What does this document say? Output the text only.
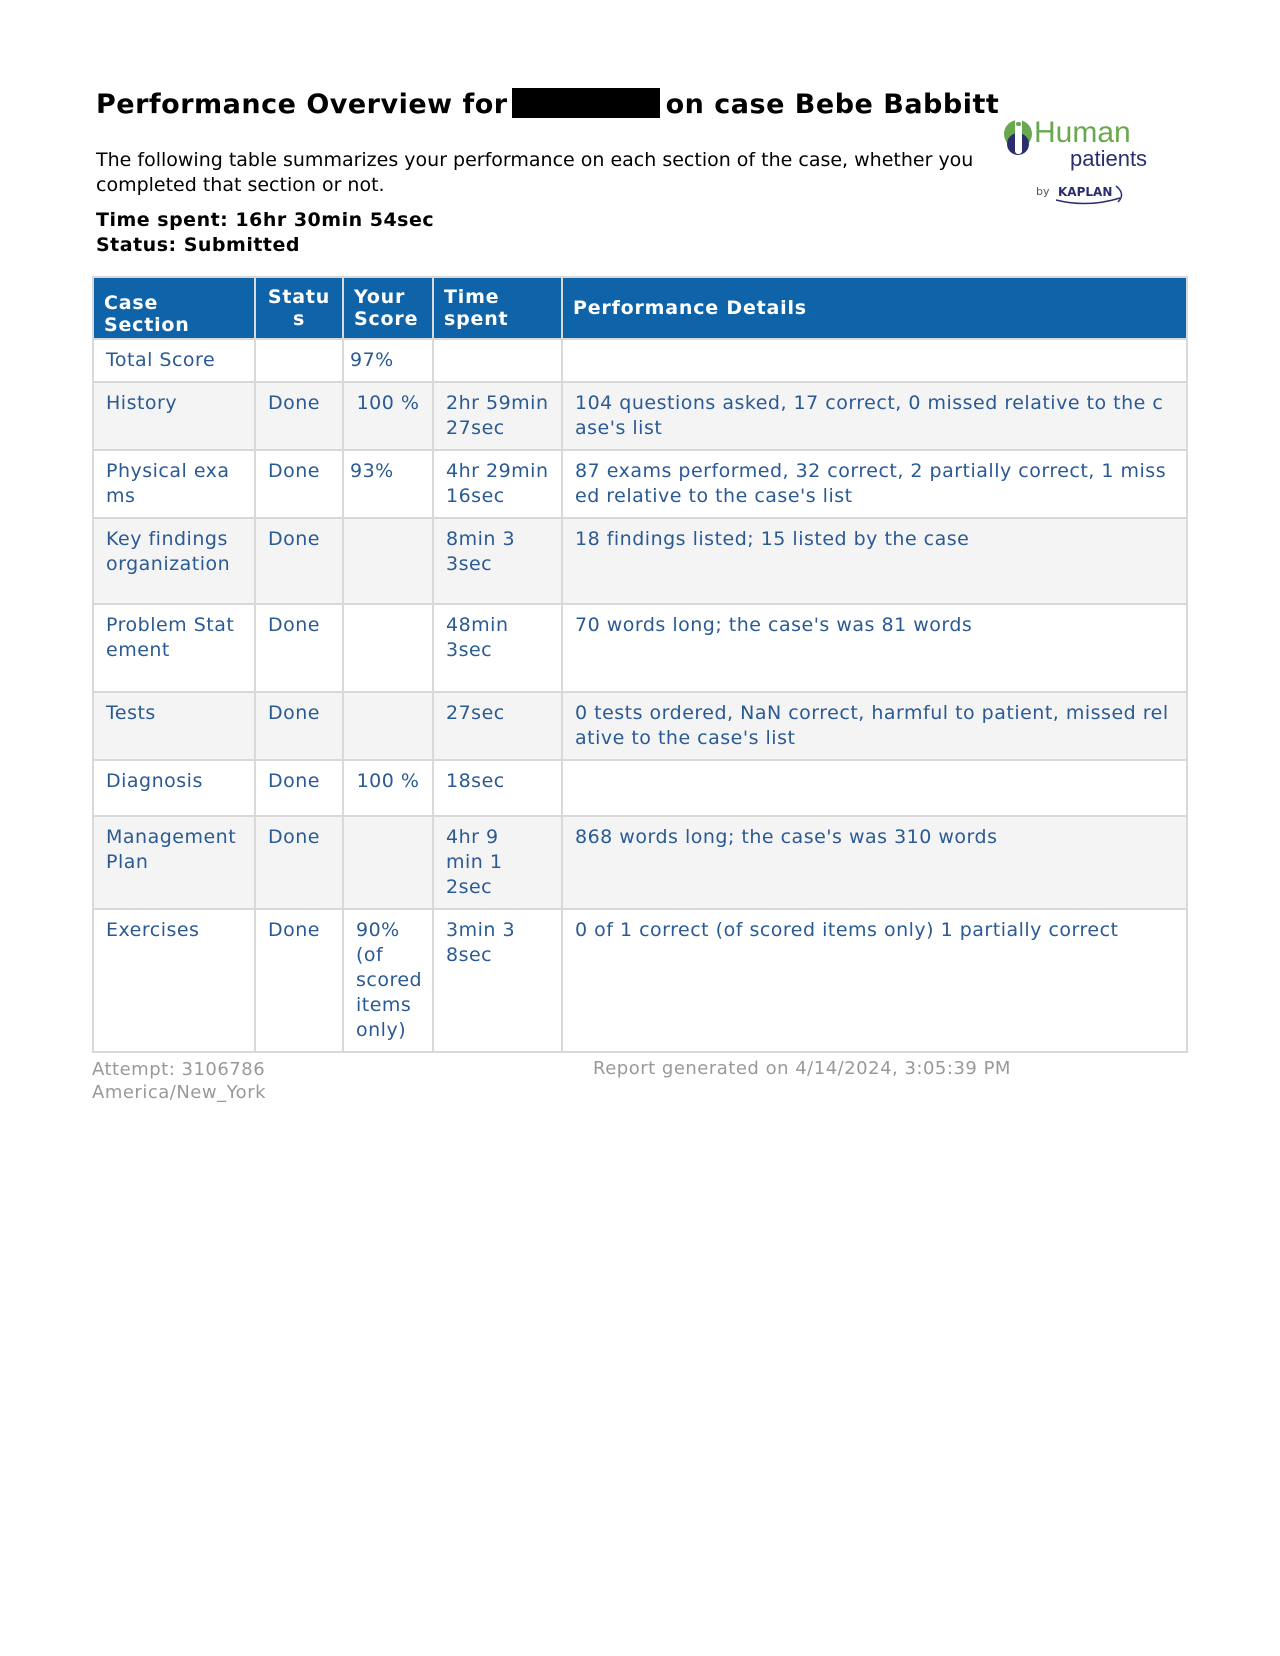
Performance Overview for	on case Bebe Babbitt
Human
patients
by KAPLAN
The following table summarizes your performance on each section of the case, whether you completed that section or not.
Time spent: 16hr 30min 54sec
Status: Submitted
Case Section	Status	Your Score	Time spent	Performance Details
Total Score		97%		
History	Done	100 %	2hr 59min 27sec	104 questions asked, 17 correct, 0 missed relative to the case's list
Physical exams	Done	93%	4hr 29min 16sec	87 exams performed, 32 correct, 2 partially correct, 1 missed relative to the case's list
Key findings organization	Done		8min 33sec	18 findings listed; 15 listed by the case
Problem Statement	Done		48min 3sec	70 words long; the case's was 81 words
Tests	Done		27sec	0 tests ordered, NaN correct, harmful to patient, missed relative to the case's list
Diagnosis	Done	100 %	18sec	
Management Plan	Done		4hr 9min 12sec	868 words long; the case's was 310 words
Exercises	Done	90% (of scored items only)	3min 38sec	0 of 1 correct (of scored items only) 1 partially correct
Attempt: 3106786
America/New_York
Report generated on 4/14/2024, 3:05:39 PM
